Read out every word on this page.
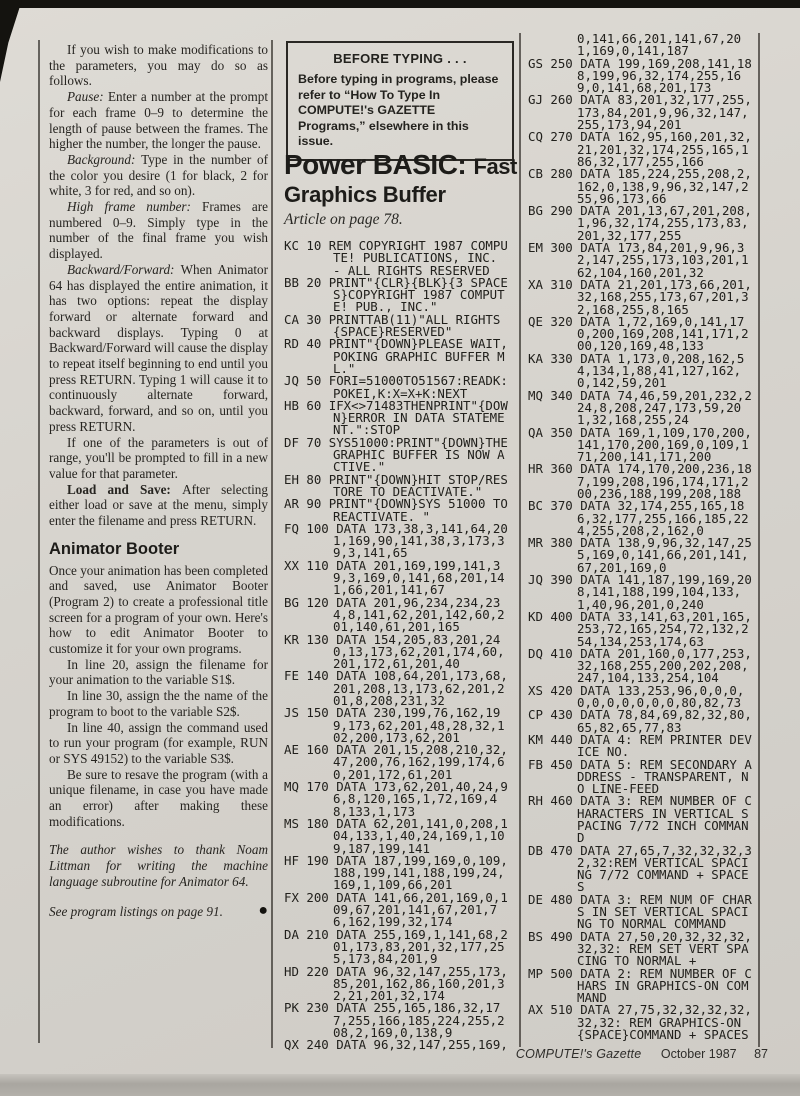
If you wish to make modifications to the parameters, you may do so as follows.

Pause: Enter a number at the prompt for each frame 0–9 to determine the length of pause between the frames. The higher the number, the longer the pause.

Background: Type in the number of the color you desire (1 for black, 2 for white, 3 for red, and so on).

High frame number: Frames are numbered 0–9. Simply type in the number of the final frame you wish displayed.

Backward/Forward: When Animator 64 has displayed the entire animation, it has two options: repeat the display forward or alternate forward and backward displays. Typing 0 at Backward/Forward will cause the display to repeat itself beginning to end until you press RETURN. Typing 1 will cause it to continuously alternate forward, backward, forward, and so on, until you press RETURN.

If one of the parameters is out of range, you'll be prompted to fill in a new value for that parameter.

Load and Save: After selecting either load or save at the menu, simply enter the filename and press RETURN.

Animator Booter

Once your animation has been completed and saved, use Animator Booter (Program 2) to create a professional title screen for a program of your own. Here's how to edit Animator Booter to customize it for your own programs.

In line 20, assign the filename for your animation to the variable S1$.

In line 30, assign the the name of the program to boot to the variable S2$.

In line 40, assign the command used to run your program (for example, RUN or SYS 49152) to the variable S3$.

Be sure to resave the program (with a unique filename, in case you have made an error) after making these modifications.

The author wishes to thank Noam Littman for writing the machine language subroutine for Animator 64.

See program listings on page 91. ●

BEFORE TYPING . . .
Before typing in programs, please refer to “How To Type In COMPUTE!'s GAZETTE Programs,” elsewhere in this issue.
Power BASIC: Fast
Graphics Buffer
Article on page 78.
KC 10 REM COPYRIGHT 1987 COMPUTE! PUBLICATIONS, INC. - ALL RIGHTS RESERVED
BB 20 PRINT"{CLR}{BLK}{3 SPACES}COPYRIGHT 1987 COMPUTE! PUB., INC."
CA 30 PRINTTAB(11)"ALL RIGHTS{SPACE}RESERVED"
RD 40 PRINT"{DOWN}PLEASE WAIT, POKING GRAPHIC BUFFER ML."
JQ 50 FORI=51000TO51567:READK:POKEI,K:X=X+K:NEXT
HB 60 IFX<>71483THENPRINT"{DOWN}ERROR IN DATA STATEMENT.":STOP
DF 70 SYS51000:PRINT"{DOWN}THE GRAPHIC BUFFER IS NOW ACTIVE."
EH 80 PRINT"{DOWN}HIT STOP/RESTORE TO DEACTIVATE."
AR 90 PRINT"{DOWN}SYS 51000 TO REACTIVATE. "
FQ 100 DATA 173,38,3,141,64,201,169,90,141,38,3,173,39,3,141,65
XX 110 DATA 201,169,199,141,39,3,169,0,141,68,201,141,66,201,141,67
BG 120 DATA 201,96,234,234,234,8,141,62,201,142,60,201,140,61,201,165
KR 130 DATA 154,205,83,201,240,13,173,62,201,174,60,201,172,61,201,40
FE 140 DATA 108,64,201,173,68,201,208,13,173,62,201,201,8,208,231,32
JS 150 DATA 230,199,76,162,199,173,62,201,48,28,32,102,200,173,62,201
AE 160 DATA 201,15,208,210,32,47,200,76,162,199,174,60,201,172,61,201
MQ 170 DATA 173,62,201,40,24,96,8,120,165,1,72,169,48,133,1,173
MS 180 DATA 62,201,141,0,208,104,133,1,40,24,169,1,109,187,199,141
HF 190 DATA 187,199,169,0,109,188,199,141,188,199,24,169,1,109,66,201
FX 200 DATA 141,66,201,169,0,109,67,201,141,67,201,76,162,199,32,174
DA 210 DATA 255,169,1,141,68,201,173,83,201,32,177,255,173,84,201,9
HD 220 DATA 96,32,147,255,173,85,201,162,86,160,201,32,21,201,32,174
PK 230 DATA 255,165,186,32,177,255,166,185,224,255,208,2,169,0,138,9
QX 240 DATA 96,32,147,255,169,
0,141,66,201,141,67,201,169,0,141,187
GS 250 DATA 199,169,208,141,188,199,96,32,174,255,169,0,141,68,201,173
GJ 260 DATA 83,201,32,177,255,173,84,201,9,96,32,147,255,173,94,201
CQ 270 DATA 162,95,160,201,32,21,201,32,174,255,165,186,32,177,255,166
CB 280 DATA 185,224,255,208,2,162,0,138,9,96,32,147,255,96,173,66
BG 290 DATA 201,13,67,201,208,1,96,32,174,255,173,83,201,32,177,255
EM 300 DATA 173,84,201,9,96,32,147,255,173,103,201,162,104,160,201,32
XA 310 DATA 21,201,173,66,201,32,168,255,173,67,201,32,168,255,8,165
QE 320 DATA 1,72,169,0,141,170,200,169,208,141,171,200,120,169,48,133
KA 330 DATA 1,173,0,208,162,54,134,1,88,41,127,162,0,142,59,201
MQ 340 DATA 74,46,59,201,232,224,8,208,247,173,59,201,32,168,255,24
QA 350 DATA 169,1,109,170,200,141,170,200,169,0,109,171,200,141,171,200
HR 360 DATA 174,170,200,236,187,199,208,196,174,171,200,236,188,199,208,188
BC 370 DATA 32,174,255,165,186,32,177,255,166,185,224,255,208,2,162,0
MR 380 DATA 138,9,96,32,147,255,169,0,141,66,201,141,67,201,169,0
JQ 390 DATA 141,187,199,169,208,141,188,199,104,133,1,40,96,201,0,240
KD 400 DATA 33,141,63,201,165,253,72,165,254,72,132,254,134,253,174,63
DQ 410 DATA 201,160,0,177,253,32,168,255,200,202,208,247,104,133,254,104
XS 420 DATA 133,253,96,0,0,0,0,0,0,0,0,0,0,80,82,73
CP 430 DATA 78,84,69,82,32,80,65,82,65,77,83
KM 440 DATA 4: REM PRINTER DEVICE NO.
FB 450 DATA 5: REM SECONDARY ADDRESS - TRANSPARENT, NO LINE-FEED
RH 460 DATA 3: REM NUMBER OF CHARACTERS IN VERTICAL SPACING 7/72 INCH COMMAND
DB 470 DATA 27,65,7,32,32,32,32,32:REM VERTICAL SPACING 7/72 COMMAND + SPACES
DE 480 DATA 3: REM NUM OF CHARS IN SET VERTICAL SPACING TO NORMAL COMMAND
BS 490 DATA 27,50,20,32,32,32,32,32: REM SET VERT SPACING TO NORMAL +
MP 500 DATA 2: REM NUMBER OF CHARS IN GRAPHICS-ON COMMAND
AX 510 DATA 27,75,32,32,32,32,32,32: REM GRAPHICS-ON {SPACE}COMMAND + SPACES
COMPUTE!'s Gazette October 1987 87
